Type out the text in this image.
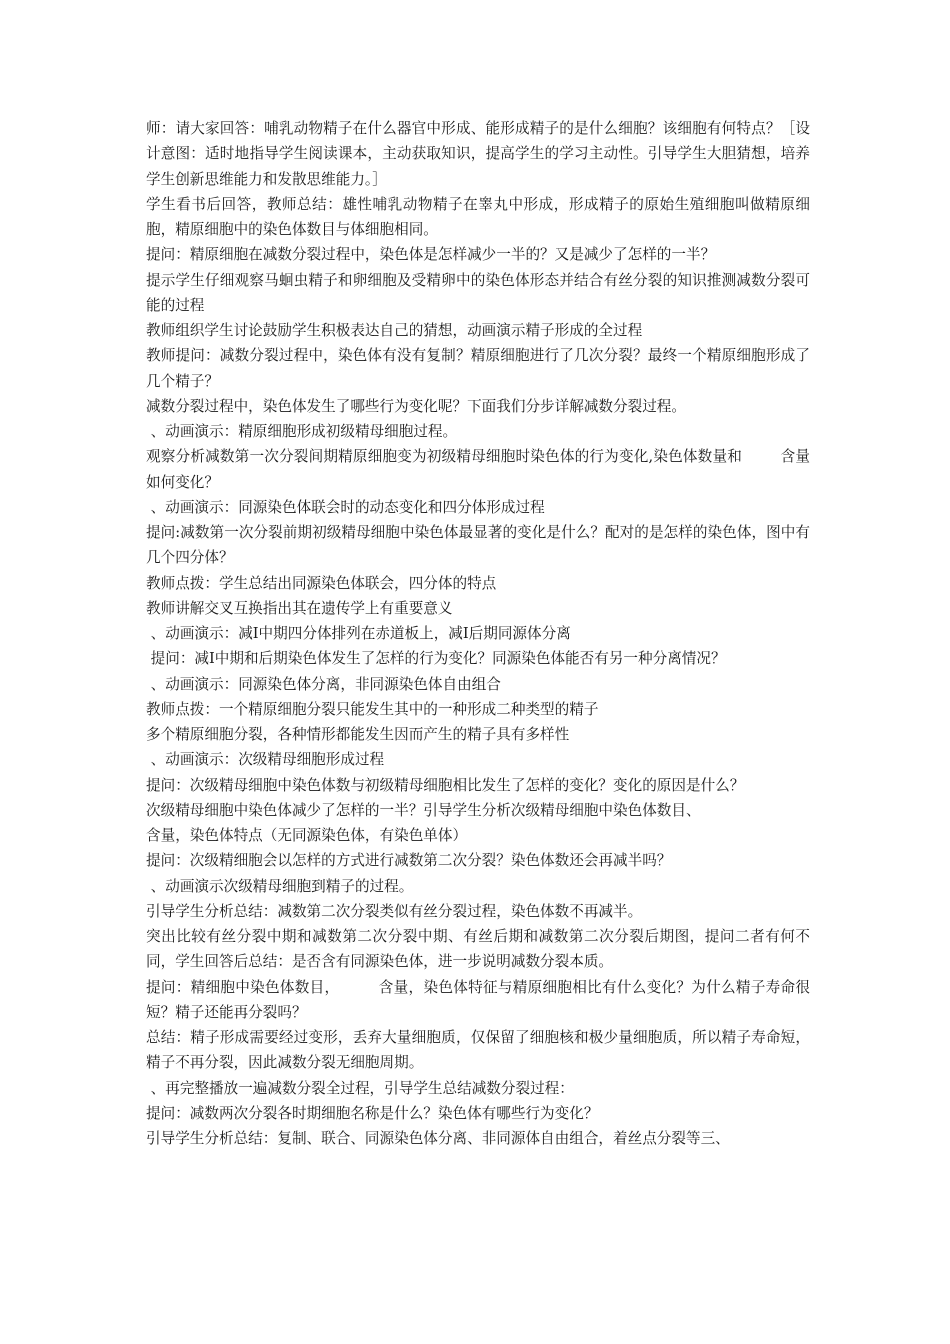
师：请大家回答：哺乳动物精子在什么器官中形成、能形成精子的是什么细胞？该细胞有何特点？［设计意图：适时地指导学生阅读课本，主动获取知识，提高学生的学习主动性。引导学生大胆猜想，培养学生创新思维能力和发散思维能力。］

学生看书后回答，教师总结：雄性哺乳动物精子在睾丸中形成，形成精子的原始生殖细胞叫做精原细胞，精原细胞中的染色体数目与体细胞相同。

提问：精原细胞在减数分裂过程中，染色体是怎样减少一半的？又是减少了怎样的一半？

提示学生仔细观察马蛔虫精子和卵细胞及受精卵中的染色体形态并结合有丝分裂的知识推测减数分裂可能的过程

教师组织学生讨论鼓励学生积极表达自己的猜想，动画演示精子形成的全过程

教师提问：减数分裂过程中，染色体有没有复制？精原细胞进行了几次分裂？最终一个精原细胞形成了几个精子？

减数分裂过程中，染色体发生了哪些行为变化呢？下面我们分步详解减数分裂过程。

、动画演示：精原细胞形成初级精母细胞过程。

观察分析减数第一次分裂间期精原细胞变为初级精母细胞时染色体的行为变化,染色体数量和        含量如何变化？

、动画演示：同源染色体联会时的动态变化和四分体形成过程

提问:减数第一次分裂前期初级精母细胞中染色体最显著的变化是什么？配对的是怎样的染色体，图中有几个四分体？

教师点拨：学生总结出同源染色体联会，四分体的特点

教师讲解交叉互换指出其在遗传学上有重要意义

、动画演示：减Ⅰ中期四分体排列在赤道板上，减Ⅰ后期同源体分离

提问：减Ⅰ中期和后期染色体发生了怎样的行为变化？同源染色体能否有另一种分离情况？

、动画演示：同源染色体分离，非同源染色体自由组合

教师点拨：一个精原细胞分裂只能发生其中的一种形成二种类型的精子

多个精原细胞分裂，各种情形都能发生因而产生的精子具有多样性

、动画演示：次级精母细胞形成过程

提问：次级精母细胞中染色体数与初级精母细胞相比发生了怎样的变化？变化的原因是什么？

次级精母细胞中染色体减少了怎样的一半？引导学生分析次级精母细胞中染色体数目、

含量，染色体特点（无同源染色体，有染色单体）

提问：次级精细胞会以怎样的方式进行减数第二次分裂？染色体数还会再减半吗？

、动画演示次级精母细胞到精子的过程。

引导学生分析总结：减数第二次分裂类似有丝分裂过程，染色体数不再减半。

突出比较有丝分裂中期和减数第二次分裂中期、有丝后期和减数第二次分裂后期图，提问二者有何不同，学生回答后总结：是否含有同源染色体，进一步说明减数分裂本质。

提问：精细胞中染色体数目，        含量，染色体特征与精原细胞相比有什么变化？为什么精子寿命很短？精子还能再分裂吗？

总结：精子形成需要经过变形，丢弃大量细胞质，仅保留了细胞核和极少量细胞质，所以精子寿命短，精子不再分裂，因此减数分裂无细胞周期。

、再完整播放一遍减数分裂全过程，引导学生总结减数分裂过程：

提问：减数两次分裂各时期细胞名称是什么？染色体有哪些行为变化？

引导学生分析总结：复制、联合、同源染色体分离、非同源体自由组合，着丝点分裂等三、
